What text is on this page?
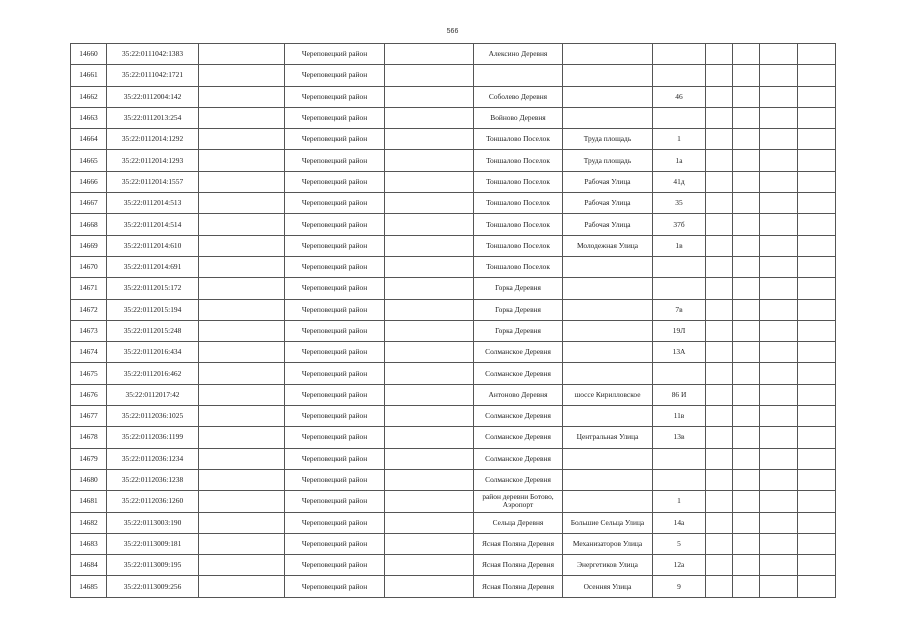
566
14660	35:22:0111042:1383		Череповецкий район		Алексино Деревня						
14661	35:22:0111042:1721		Череповецкий район								
14662	35:22:0112004:142		Череповецкий район		Соболево Деревня		46				
14663	35:22:0112013:254		Череповецкий район		Войново Деревня						
14664	35:22:0112014:1292		Череповецкий район		Тоншалово Поселок	Труда площадь	1				
14665	35:22:0112014:1293		Череповецкий район		Тоншалово Поселок	Труда площадь	1а				
14666	35:22:0112014:1557		Череповецкий район		Тоншалово Поселок	Рабочая Улица	41д				
14667	35:22:0112014:513		Череповецкий район		Тоншалово Поселок	Рабочая Улица	35				
14668	35:22:0112014:514		Череповецкий район		Тоншалово Поселок	Рабочая Улица	37б				
14669	35:22:0112014:610		Череповецкий район		Тоншалово Поселок	Молодежная Улица	1в				
14670	35:22:0112014:691		Череповецкий район		Тоншалово Поселок						
14671	35:22:0112015:172		Череповецкий район		Горка Деревня						
14672	35:22:0112015:194		Череповецкий район		Горка Деревня		7в				
14673	35:22:0112015:248		Череповецкий район		Горка Деревня		19Л				
14674	35:22:0112016:434		Череповецкий район		Солманское Деревня		13А				
14675	35:22:0112016:462		Череповецкий район		Солманское Деревня						
14676	35:22:0112017:42		Череповецкий район		Антоново Деревня	шоссе Кирилловское	86 И				
14677	35:22:0112036:1025		Череповецкий район		Солманское Деревня		11в				
14678	35:22:0112036:1199		Череповецкий район		Солманское Деревня	Центральная Улица	13в				
14679	35:22:0112036:1234		Череповецкий район		Солманское Деревня						
14680	35:22:0112036:1238		Череповецкий район		Солманское Деревня						
14681	35:22:0112036:1260		Череповецкий район		район деревни Ботово, Аэропорт		1				
14682	35:22:0113003:190		Череповецкий район		Сельца Деревня	Большие Сельца Улица	14а				
14683	35:22:0113009:181		Череповецкий район		Ясная Поляна Деревня	Механизаторов Улица	5				
14684	35:22:0113009:195		Череповецкий район		Ясная Поляна Деревня	Энергетиков Улица	12а				
14685	35:22:0113009:256		Череповецкий район		Ясная Поляна Деревня	Осенняя Улица	9				
